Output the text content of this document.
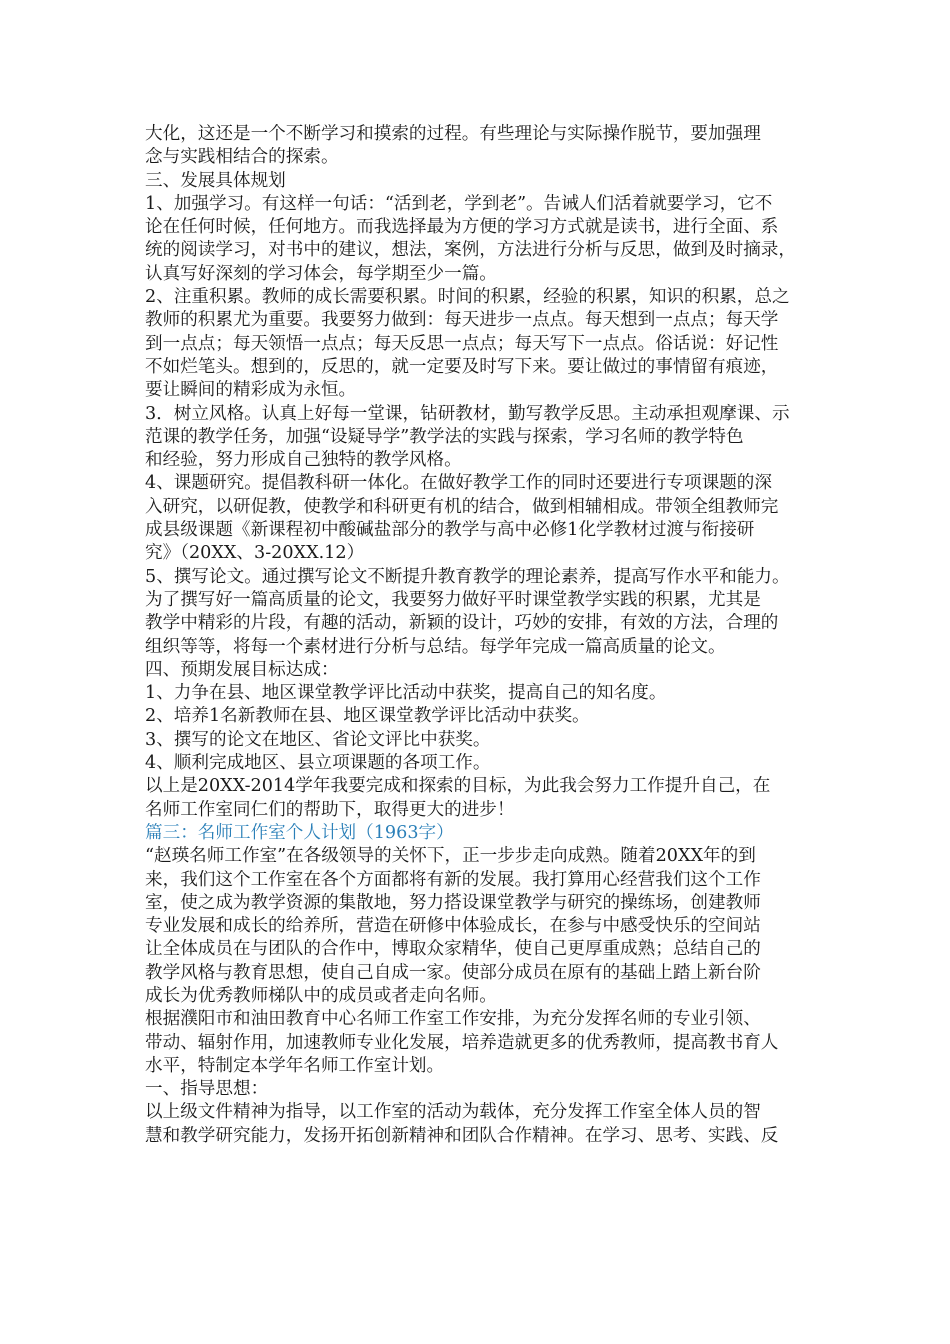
大化，这还是一个不断学习和摸索的过程。有些理论与实际操作脱节，要加强理
念与实践相结合的探索。
三、发展具体规划
1、加强学习。有这样一句话：“活到老，学到老”。告诫人们活着就要学习，它不
论在任何时候，任何地方。而我选择最为方便的学习方式就是读书，进行全面、系
统的阅读学习，对书中的建议，想法，案例，方法进行分析与反思，做到及时摘录，
认真写好深刻的学习体会，每学期至少一篇。
2、注重积累。教师的成长需要积累。时间的积累，经验的积累，知识的积累，总之
教师的积累尤为重要。我要努力做到：每天进步一点点。每天想到一点点；每天学
到一点点；每天领悟一点点；每天反思一点点；每天写下一点点。俗话说：好记性
不如烂笔头。想到的，反思的，就一定要及时写下来。要让做过的事情留有痕迹，
要让瞬间的精彩成为永恒。
3．树立风格。认真上好每一堂课，钻研教材，勤写教学反思。主动承担观摩课、示
范课的教学任务，加强“设疑导学”教学法的实践与探索，学习名师的教学特色
和经验，努力形成自己独特的教学风格。
4、课题研究。提倡教科研一体化。在做好教学工作的同时还要进行专项课题的深
入研究，以研促教，使教学和科研更有机的结合，做到相辅相成。带领全组教师完
成县级课题《新课程初中酸碱盐部分的教学与高中必修1化学教材过渡与衔接研
究》（20XX、3-20XX.12）
5、撰写论文。通过撰写论文不断提升教育教学的理论素养，提高写作水平和能力。
为了撰写好一篇高质量的论文，我要努力做好平时课堂教学实践的积累，尤其是
教学中精彩的片段，有趣的活动，新颖的设计，巧妙的安排，有效的方法，合理的
组织等等，将每一个素材进行分析与总结。每学年完成一篇高质量的论文。
四、预期发展目标达成：
1、力争在县、地区课堂教学评比活动中获奖，提高自己的知名度。
2、培养1名新教师在县、地区课堂教学评比活动中获奖。
3、撰写的论文在地区、省论文评比中获奖。
4、顺利完成地区、县立项课题的各项工作。
以上是20XX-2014学年我要完成和探索的目标，为此我会努力工作提升自己，在
名师工作室同仁们的帮助下，取得更大的进步！
篇三：名师工作室个人计划（1963字）
“赵瑛名师工作室”在各级领导的关怀下，正一步步走向成熟。随着20XX年的到
来，我们这个工作室在各个方面都将有新的发展。我打算用心经营我们这个工作
室，使之成为教学资源的集散地，努力搭设课堂教学与研究的操练场，创建教师
专业发展和成长的给养所，营造在研修中体验成长，在参与中感受快乐的空间站
让全体成员在与团队的合作中，博取众家精华，使自己更厚重成熟；总结自己的
教学风格与教育思想，使自己自成一家。使部分成员在原有的基础上踏上新台阶
成长为优秀教师梯队中的成员或者走向名师。
根据濮阳市和油田教育中心名师工作室工作安排，为充分发挥名师的专业引领、
带动、辐射作用，加速教师专业化发展，培养造就更多的优秀教师，提高教书育人
水平，特制定本学年名师工作室计划。
一、指导思想：
以上级文件精神为指导，以工作室的活动为载体，充分发挥工作室全体人员的智
慧和教学研究能力，发扬开拓创新精神和团队合作精神。在学习、思考、实践、反
